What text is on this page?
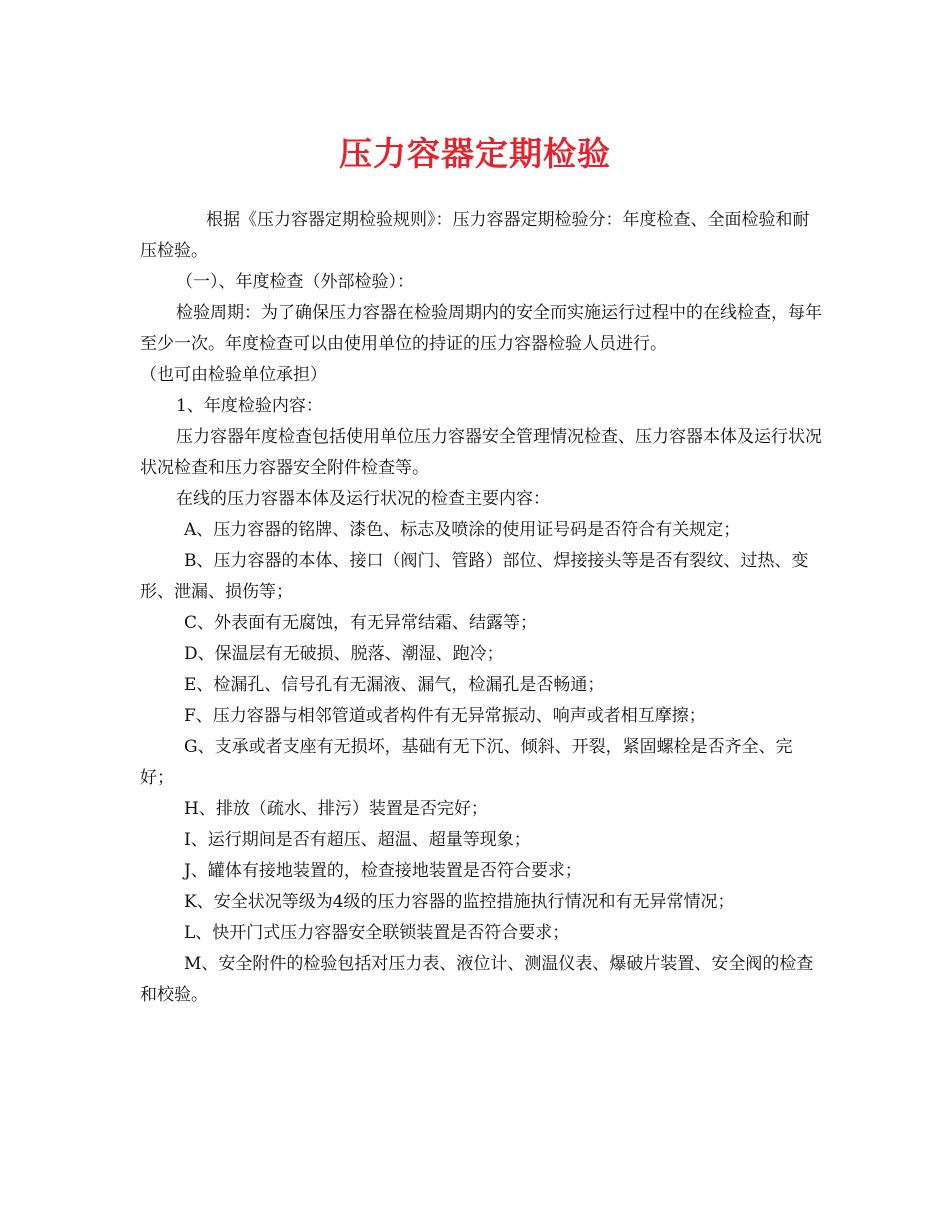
压力容器定期检验

根据《压力容器定期检验规则》：压力容器定期检验分：年度检查、全面检验和耐压检验。

（一）、年度检查（外部检验）：

检验周期：为了确保压力容器在检验周期内的安全而实施运行过程中的在线检查，每年至少一次。年度检查可以由使用单位的持证的压力容器检验人员进行。

（也可由检验单位承担）

1、年度检验内容：

压力容器年度检查包括使用单位压力容器安全管理情况检查、压力容器本体及运行状况状况检查和压力容器安全附件检查等。

在线的压力容器本体及运行状况的检查主要内容：

A、压力容器的铭牌、漆色、标志及喷涂的使用证号码是否符合有关规定；

B、压力容器的本体、接口（阀门、管路）部位、焊接接头等是否有裂纹、过热、变形、泄漏、损伤等；

C、外表面有无腐蚀，有无异常结霜、结露等；

D、保温层有无破损、脱落、潮湿、跑冷；

E、检漏孔、信号孔有无漏液、漏气，检漏孔是否畅通；

F、压力容器与相邻管道或者构件有无异常振动、响声或者相互摩擦；

G、支承或者支座有无损坏，基础有无下沉、倾斜、开裂，紧固螺栓是否齐全、完好；

H、排放（疏水、排污）装置是否完好；

I、运行期间是否有超压、超温、超量等现象；

J、罐体有接地装置的，检查接地装置是否符合要求；

K、安全状况等级为4级的压力容器的监控措施执行情况和有无异常情况；

L、快开门式压力容器安全联锁装置是否符合要求；

M、安全附件的检验包括对压力表、液位计、测温仪表、爆破片装置、安全阀的检查和校验。
